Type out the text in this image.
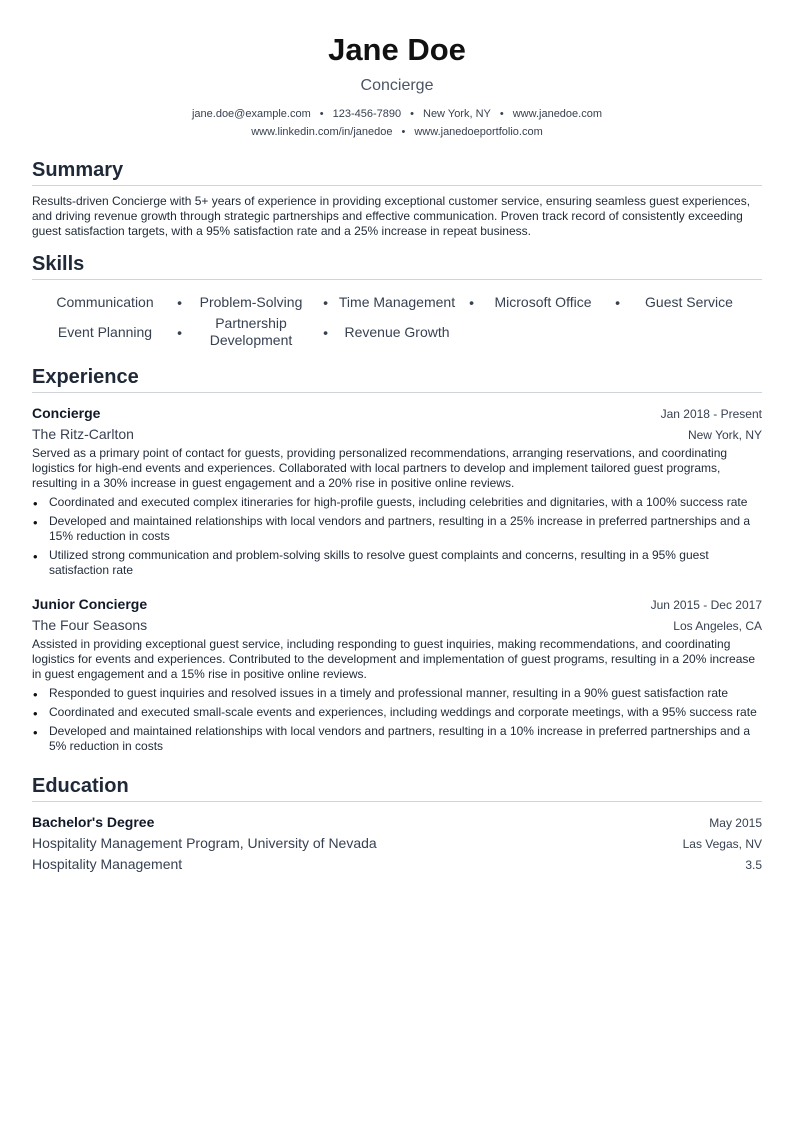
Jane Doe
Concierge
jane.doe@example.com • 123-456-7890 • New York, NY • www.janedoe.com
www.linkedin.com/in/janedoe • www.janedoeportfolio.com
Summary

Results-driven Concierge with 5+ years of experience in providing exceptional customer service, ensuring seamless guest experiences, and driving revenue growth through strategic partnerships and effective communication. Proven track record of consistently exceeding guest satisfaction targets, with a 95% satisfaction rate and a 25% increase in repeat business.

Skills
Communication •	Problem-Solving •	Time Management •	Microsoft Office •	Guest Service
Event Planning •
Partnership Development •
Revenue Growth
Experience
Concierge	Jan 2018 - Present
The Ritz-Carlton	New York, NY
Served as a primary point of contact for guests, providing personalized recommendations, arranging reservations, and coordinating logistics for high-end events and experiences. Collaborated with local partners to develop and implement tailored guest programs, resulting in a 30% increase in guest engagement and a 20% rise in positive online reviews.
• Coordinated and executed complex itineraries for high-profile guests, including celebrities and dignitaries, with a 100% success rate
• Developed and maintained relationships with local vendors and partners, resulting in a 25% increase in preferred partnerships and a 15% reduction in costs
• Utilized strong communication and problem-solving skills to resolve guest complaints and concerns, resulting in a 95% guest satisfaction rate
Junior Concierge	Jun 2015 - Dec 2017
The Four Seasons	Los Angeles, CA
Assisted in providing exceptional guest service, including responding to guest inquiries, making recommendations, and coordinating logistics for events and experiences. Contributed to the development and implementation of guest programs, resulting in a 20% increase in guest engagement and a 15% rise in positive online reviews.
• Responded to guest inquiries and resolved issues in a timely and professional manner, resulting in a 90% guest satisfaction rate
• Coordinated and executed small-scale events and experiences, including weddings and corporate meetings, with a 95% success rate
• Developed and maintained relationships with local vendors and partners, resulting in a 10% increase in preferred partnerships and a 5% reduction in costs
Education
Bachelor's Degree	May 2015
Hospitality Management Program, University of Nevada	Las Vegas, NV
Hospitality Management	3.5
